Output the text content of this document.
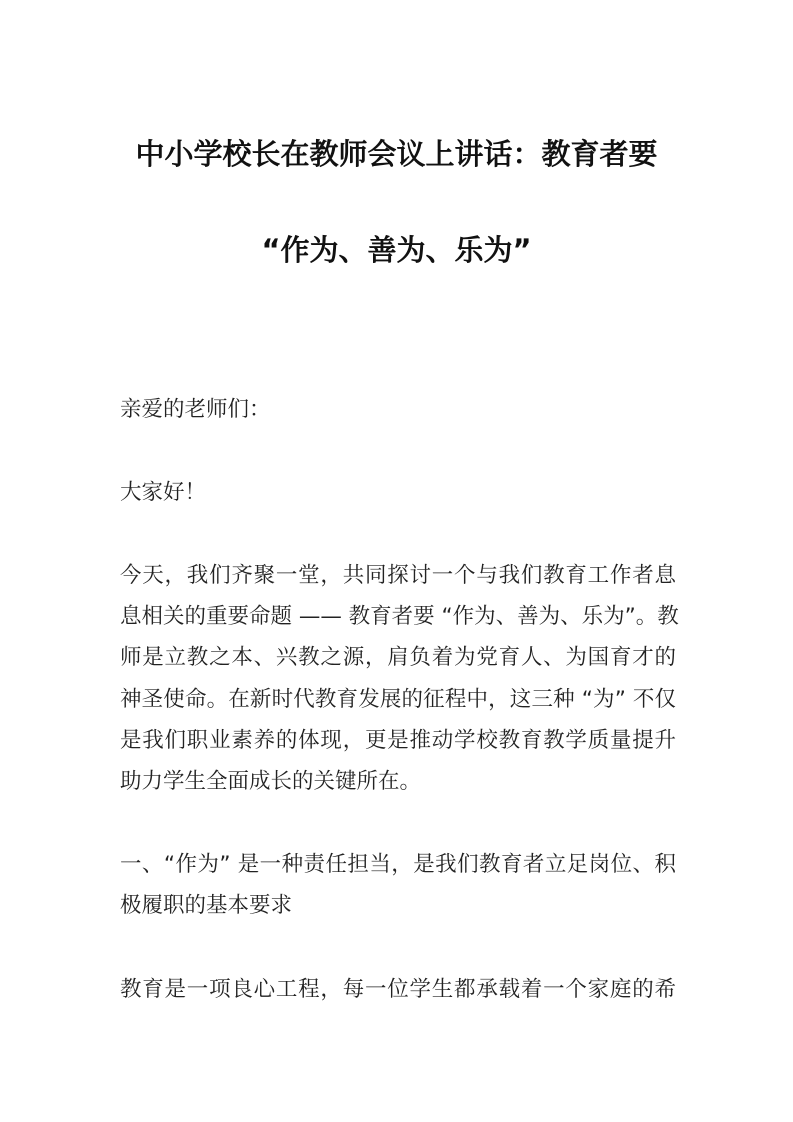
中小学校长在教师会议上讲话：教育者要
“作为、善为、乐为”
亲爱的老师们：
大家好！
今天，我们齐聚一堂，共同探讨一个与我们教育工作者息
息相关的重要命题 —— 教育者要 “作为、善为、乐为”。教
师是立教之本、兴教之源，肩负着为党育人、为国育才的
神圣使命。在新时代教育发展的征程中，这三种 “为” 不仅
是我们职业素养的体现，更是推动学校教育教学质量提升
助力学生全面成长的关键所在。
一、“作为” 是一种责任担当，是我们教育者立足岗位、积
极履职的基本要求
教育是一项良心工程，每一位学生都承载着一个家庭的希
